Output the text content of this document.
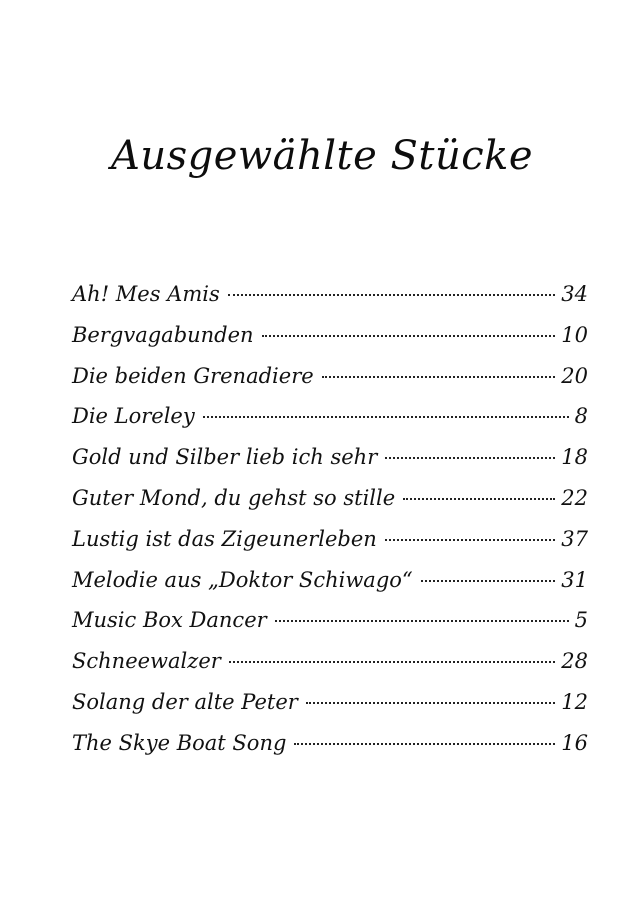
Ausgewählte Stücke
Ah! Mes Amis	34
Bergvagabunden	10
Die beiden Grenadiere	20
Die Loreley	8
Gold und Silber lieb ich sehr	18
Guter Mond, du gehst so stille	22
Lustig ist das Zigeunerleben	37
Melodie aus „Doktor Schiwago“	31
Music Box Dancer	5
Schneewalzer	28
Solang der alte Peter	12
The Skye Boat Song	16
